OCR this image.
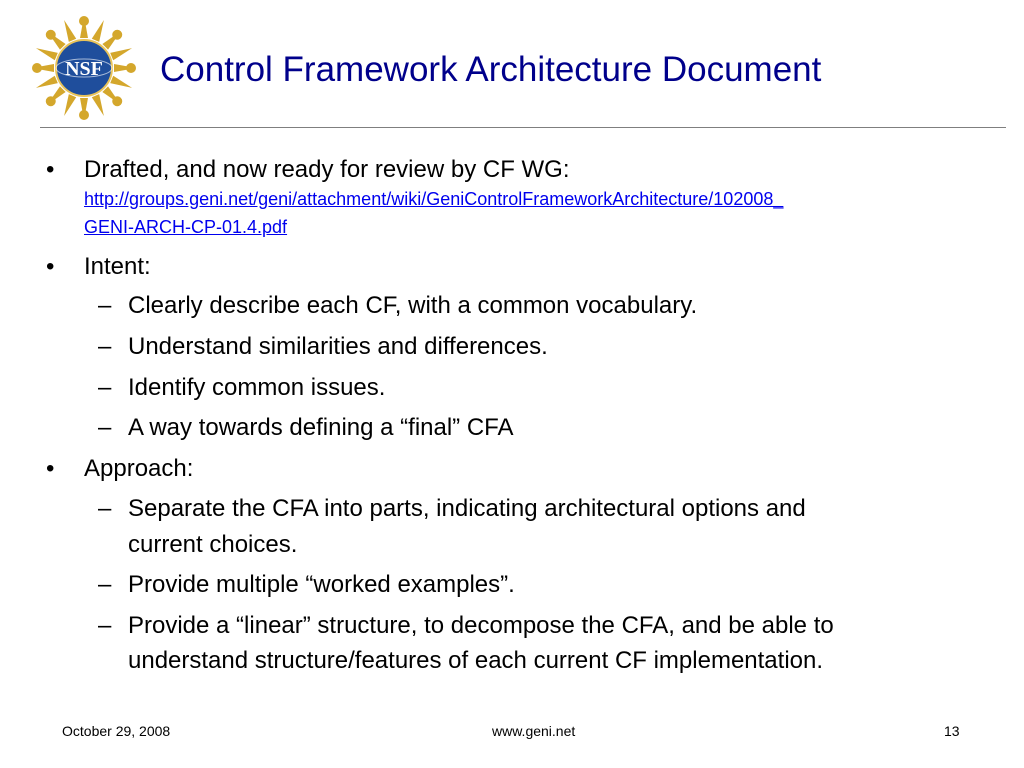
NSF Control Framework Architecture Document
• Drafted, and now ready for review by CF WG:
http://groups.geni.net/geni/attachment/wiki/GeniControlFrameworkArchitecture/102008_
GENI-ARCH-CP-01.4.pdf
• Intent:
– Clearly describe each CF, with a common vocabulary.
– Understand similarities and differences.
– Identify common issues.
– A way towards defining a “final” CFA
• Approach:
– Separate the CFA into parts, indicating architectural options and
current choices.
– Provide multiple “worked examples”.
– Provide a “linear” structure, to decompose the CFA, and be able to
understand structure/features of each current CF implementation.
October 29, 2008	www.geni.net	13
